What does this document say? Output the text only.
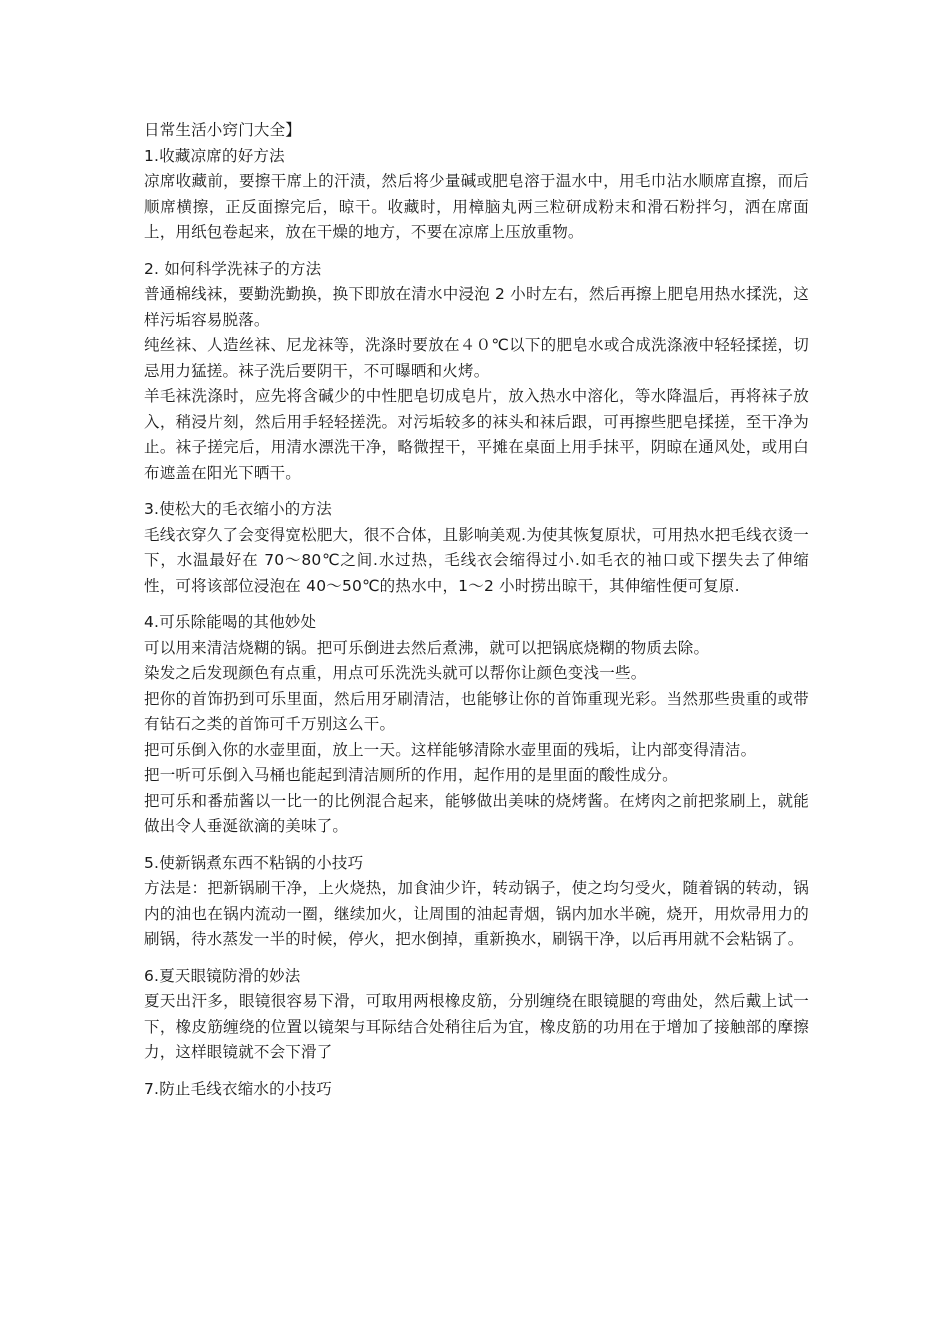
日常生活小窍门大全】

1.收藏凉席的好方法

凉席收藏前，要擦干席上的汗渍，然后将少量碱或肥皂溶于温水中，用毛巾沾水顺席直擦，而后顺席横擦，正反面擦完后，晾干。收藏时，用樟脑丸两三粒研成粉末和滑石粉拌匀，洒在席面上，用纸包卷起来，放在干燥的地方，不要在凉席上压放重物。

2. 如何科学洗袜子的方法

普通棉线袜，要勤洗勤换，换下即放在清水中浸泡 2 小时左右，然后再擦上肥皂用热水揉洗，这样污垢容易脱落。

纯丝袜、人造丝袜、尼龙袜等，洗涤时要放在４０℃以下的肥皂水或合成洗涤液中轻轻揉搓，切忌用力猛搓。袜子洗后要阴干，不可曝晒和火烤。

羊毛袜洗涤时，应先将含碱少的中性肥皂切成皂片，放入热水中溶化，等水降温后，再将袜子放入，稍浸片刻，然后用手轻轻搓洗。对污垢较多的袜头和袜后跟，可再擦些肥皂揉搓，至干净为止。袜子搓完后，用清水漂洗干净，略微捏干，平摊在桌面上用手抹平，阴晾在通风处，或用白布遮盖在阳光下晒干。

3.使松大的毛衣缩小的方法

毛线衣穿久了会变得宽松肥大，很不合体，且影响美观.为使其恢复原状，可用热水把毛线衣烫一下，水温最好在 70～80℃之间.水过热，毛线衣会缩得过小.如毛衣的袖口或下摆失去了伸缩性，可将该部位浸泡在 40～50℃的热水中，1～2 小时捞出晾干，其伸缩性便可复原.

4.可乐除能喝的其他妙处

可以用来清洁烧糊的锅。把可乐倒进去然后煮沸，就可以把锅底烧糊的物质去除。

染发之后发现颜色有点重，用点可乐洗洗头就可以帮你让颜色变浅一些。

把你的首饰扔到可乐里面，然后用牙刷清洁，也能够让你的首饰重现光彩。当然那些贵重的或带有钻石之类的首饰可千万别这么干。

把可乐倒入你的水壶里面，放上一天。这样能够清除水壶里面的残垢，让内部变得清洁。

把一听可乐倒入马桶也能起到清洁厕所的作用，起作用的是里面的酸性成分。

把可乐和番茄酱以一比一的比例混合起来，能够做出美味的烧烤酱。在烤肉之前把浆刷上，就能做出令人垂涎欲滴的美味了。

5.使新锅煮东西不粘锅的小技巧

方法是：把新锅刷干净，上火烧热，加食油少许，转动锅子，使之均匀受火，随着锅的转动，锅内的油也在锅内流动一圈，继续加火，让周围的油起青烟，锅内加水半碗，烧开，用炊帚用力的刷锅，待水蒸发一半的时候，停火，把水倒掉，重新换水，刷锅干净，以后再用就不会粘锅了。

6.夏天眼镜防滑的妙法

夏天出汗多，眼镜很容易下滑，可取用两根橡皮筋，分别缠绕在眼镜腿的弯曲处，然后戴上试一下，橡皮筋缠绕的位置以镜架与耳际结合处稍往后为宜，橡皮筋的功用在于增加了接触部的摩擦力，这样眼镜就不会下滑了

7.防止毛线衣缩水的小技巧
